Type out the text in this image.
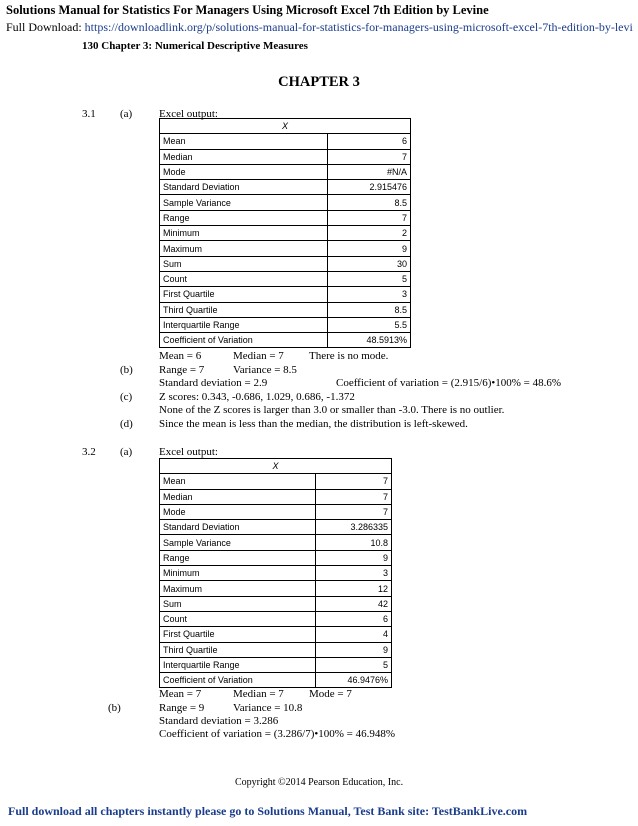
Solutions Manual for Statistics For Managers Using Microsoft Excel 7th Edition by Levine
Full Download: https://downloadlink.org/p/solutions-manual-for-statistics-for-managers-using-microsoft-excel-7th-edition-by-levi
130 Chapter 3: Numerical Descriptive Measures
CHAPTER 3
3.1 (a) Excel output:
X	
Mean	6
Median	7
Mode	#N/A
Standard Deviation	2.915476
Sample Variance	8.5
Range	7
Minimum	2
Maximum	9
Sum	30
Count	5
First Quartile	3
Third Quartile	8.5
Interquartile Range	5.5
Coefficient of Variation	48.5913%
Mean = 6	Median = 7 There is no mode.
(b) Range = 7	Variance = 8.5
Standard deviation = 2.9	Coefficient of variation = (2.915/6)•100% = 48.6%
(c) Z scores: 0.343, -0.686, 1.029, 0.686, -1.372
None of the Z scores is larger than 3.0 or smaller than -3.0. There is no outlier.
(d) Since the mean is less than the median, the distribution is left-skewed.
3.2 (a) Excel output:
X	
Mean	7
Median	7
Mode	7
Standard Deviation	3.286335
Sample Variance	10.8
Range	9
Minimum	3
Maximum	12
Sum	42
Count	6
First Quartile	4
Third Quartile	9
Interquartile Range	5
Coefficient of Variation	46.9476%
Mean = 7	Median = 7 Mode = 7
(b)	Range = 9	Variance = 10.8
Standard deviation = 3.286
Coefficient of variation = (3.286/7)•100% = 46.948%
Copyright ©2014 Pearson Education, Inc.
Full download all chapters instantly please go to Solutions Manual, Test Bank site: TestBankLive.com
